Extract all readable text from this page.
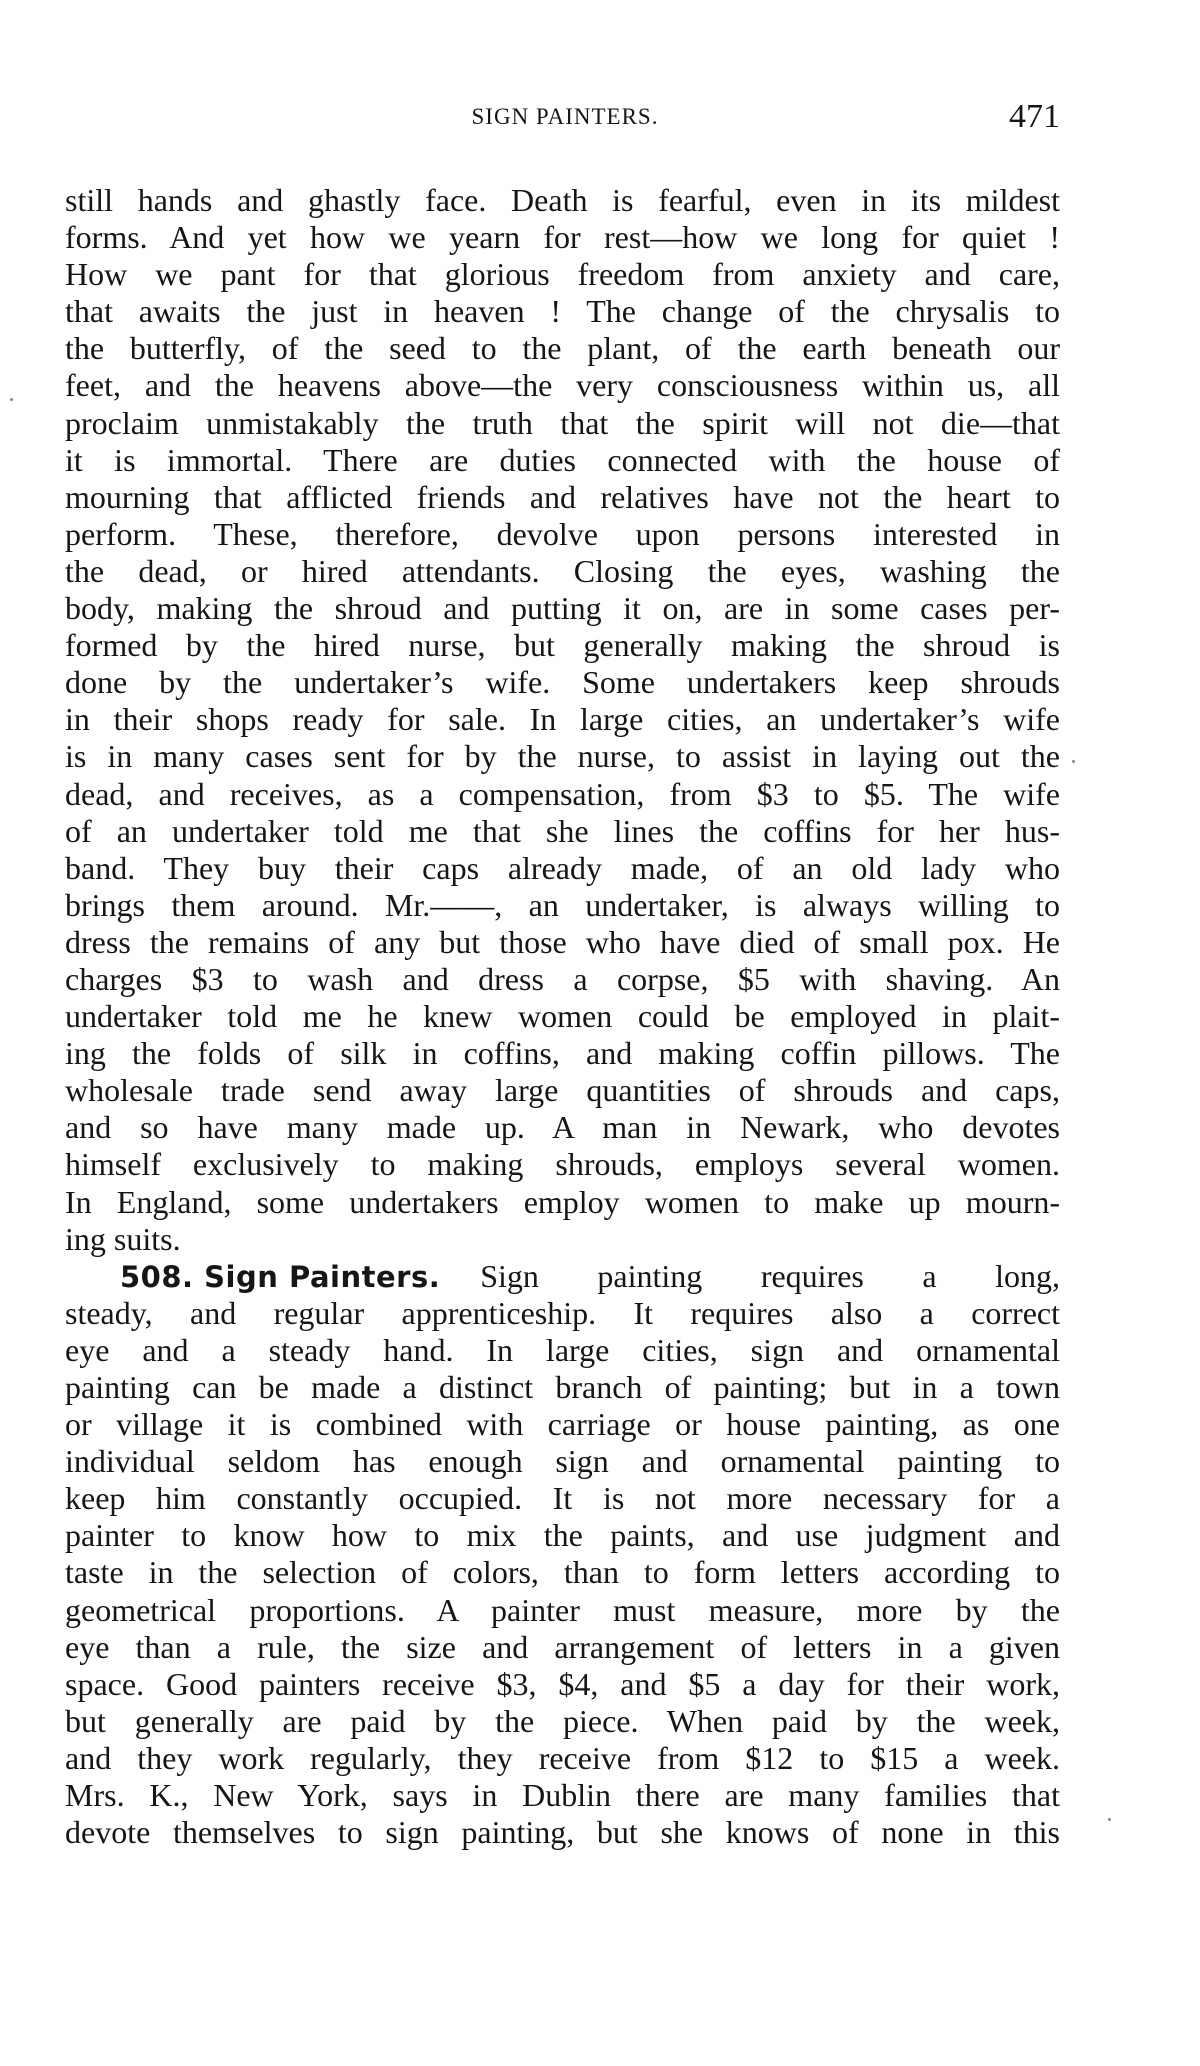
SIGN PAINTERS.	471
still hands and ghastly face. Death is fearful, even in its mildest
forms. And yet how we yearn for rest—how we long for quiet !
How we pant for that glorious freedom from anxiety and care,
that awaits the just in heaven ! The change of the chrysalis to
the butterfly, of the seed to the plant, of the earth beneath our
feet, and the heavens above—the very consciousness within us, all
proclaim unmistakably the truth that the spirit will not die—that
it is immortal. There are duties connected with the house of
mourning that afflicted friends and relatives have not the heart to
perform. These, therefore, devolve upon persons interested in
the dead, or hired attendants. Closing the eyes, washing the
body, making the shroud and putting it on, are in some cases per-
formed by the hired nurse, but generally making the shroud is
done by the undertaker’s wife. Some undertakers keep shrouds
in their shops ready for sale. In large cities, an undertaker’s wife
is in many cases sent for by the nurse, to assist in laying out the
dead, and receives, as a compensation, from $3 to $5. The wife
of an undertaker told me that she lines the coffins for her hus-
band. They buy their caps already made, of an old lady who
brings them around. Mr.——, an undertaker, is always willing to
dress the remains of any but those who have died of small pox. He
charges $3 to wash and dress a corpse, $5 with shaving. An
undertaker told me he knew women could be employed in plait-
ing the folds of silk in coffins, and making coffin pillows. The
wholesale trade send away large quantities of shrouds and caps,
and so have many made up. A man in Newark, who devotes
himself exclusively to making shrouds, employs several women.
In England, some undertakers employ women to make up mourn-
ing suits.
508. Sign Painters. Sign painting requires a long,
steady, and regular apprenticeship. It requires also a correct
eye and a steady hand. In large cities, sign and ornamental
painting can be made a distinct branch of painting; but in a town
or village it is combined with carriage or house painting, as one
individual seldom has enough sign and ornamental painting to
keep him constantly occupied. It is not more necessary for a
painter to know how to mix the paints, and use judgment and
taste in the selection of colors, than to form letters according to
geometrical proportions. A painter must measure, more by the
eye than a rule, the size and arrangement of letters in a given
space. Good painters receive $3, $4, and $5 a day for their work,
but generally are paid by the piece. When paid by the week,
and they work regularly, they receive from $12 to $15 a week.
Mrs. K., New York, says in Dublin there are many families that
devote themselves to sign painting, but she knows of none in this
